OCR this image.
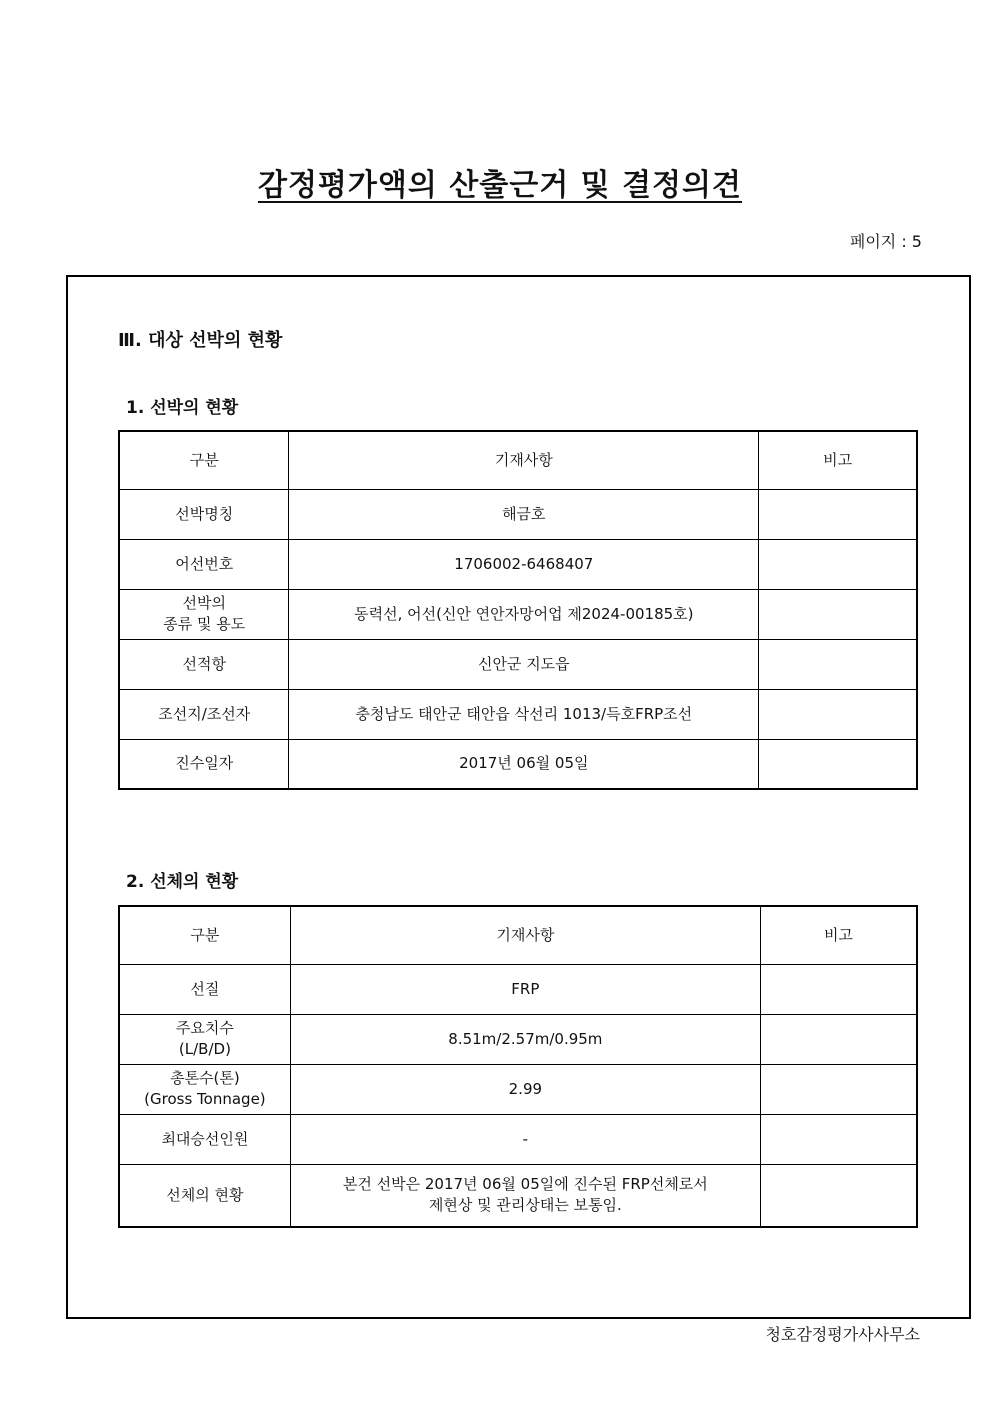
감정평가액의 산출근거 및 결정의견
페이지 : 5
Ⅲ. 대상 선박의 현황
1. 선박의 현황
구분	기재사항	비고
선박명칭	해금호	
어선번호	1706002-6468407	
선박의
종류 및 용도	동력선, 어선(신안 연안자망어업 제2024-00185호)	
선적항	신안군 지도읍	
조선지/조선자	충청남도 태안군 태안읍 삭선리 1013/득호FRP조선	
진수일자	2017년 06월 05일	
2. 선체의 현황
구분	기재사항	비고
선질	FRP	
주요치수
(L/B/D)	8.51m/2.57m/0.95m	
총톤수(톤)
(Gross Tonnage)	2.99	
최대승선인원	-	
선체의 현황	본건 선박은 2017년 06월 05일에 진수된 FRP선체로서
제현상 및 관리상태는 보통임.	
청호감정평가사사무소
